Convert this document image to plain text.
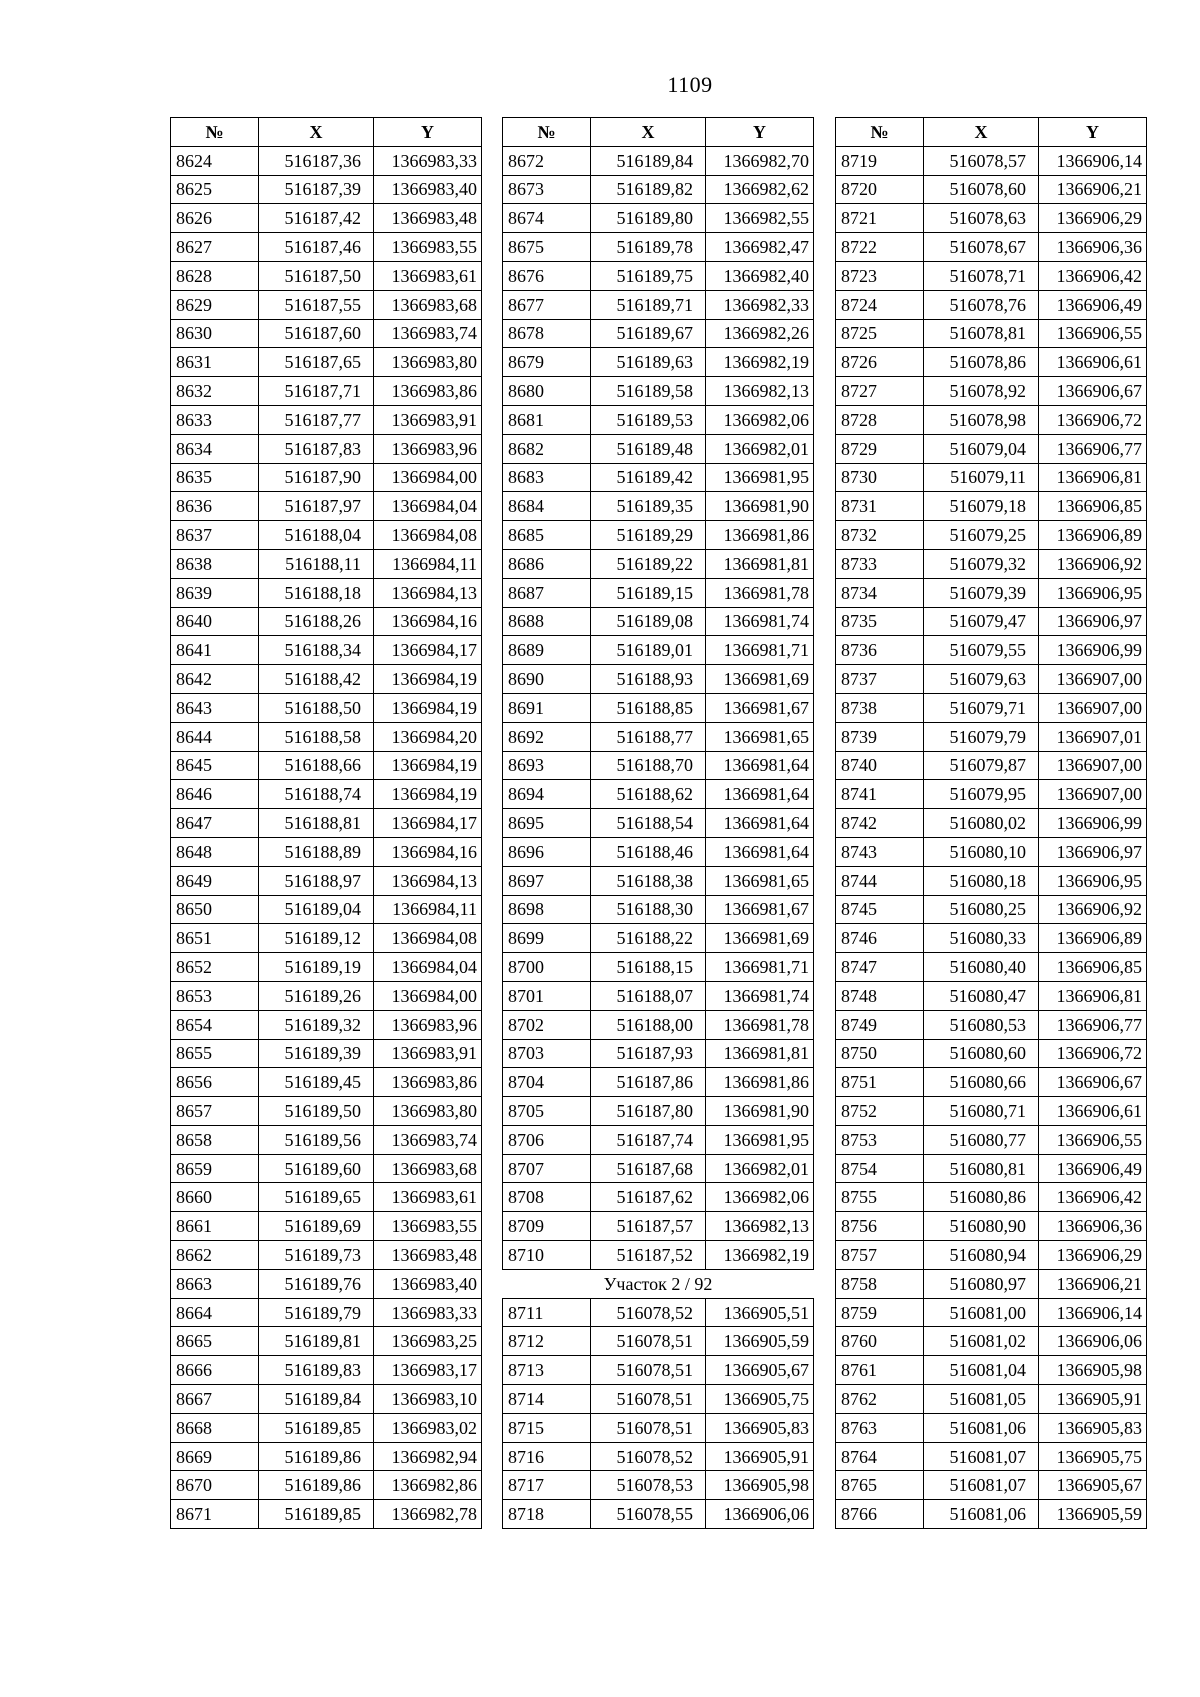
1109
№	X	Y
8624	516187,36	1366983,33
8625	516187,39	1366983,40
8626	516187,42	1366983,48
8627	516187,46	1366983,55
8628	516187,50	1366983,61
8629	516187,55	1366983,68
8630	516187,60	1366983,74
8631	516187,65	1366983,80
8632	516187,71	1366983,86
8633	516187,77	1366983,91
8634	516187,83	1366983,96
8635	516187,90	1366984,00
8636	516187,97	1366984,04
8637	516188,04	1366984,08
8638	516188,11	1366984,11
8639	516188,18	1366984,13
8640	516188,26	1366984,16
8641	516188,34	1366984,17
8642	516188,42	1366984,19
8643	516188,50	1366984,19
8644	516188,58	1366984,20
8645	516188,66	1366984,19
8646	516188,74	1366984,19
8647	516188,81	1366984,17
8648	516188,89	1366984,16
8649	516188,97	1366984,13
8650	516189,04	1366984,11
8651	516189,12	1366984,08
8652	516189,19	1366984,04
8653	516189,26	1366984,00
8654	516189,32	1366983,96
8655	516189,39	1366983,91
8656	516189,45	1366983,86
8657	516189,50	1366983,80
8658	516189,56	1366983,74
8659	516189,60	1366983,68
8660	516189,65	1366983,61
8661	516189,69	1366983,55
8662	516189,73	1366983,48
8663	516189,76	1366983,40
8664	516189,79	1366983,33
8665	516189,81	1366983,25
8666	516189,83	1366983,17
8667	516189,84	1366983,10
8668	516189,85	1366983,02
8669	516189,86	1366982,94
8670	516189,86	1366982,86
8671	516189,85	1366982,78
№	X	Y
8672	516189,84	1366982,70
8673	516189,82	1366982,62
8674	516189,80	1366982,55
8675	516189,78	1366982,47
8676	516189,75	1366982,40
8677	516189,71	1366982,33
8678	516189,67	1366982,26
8679	516189,63	1366982,19
8680	516189,58	1366982,13
8681	516189,53	1366982,06
8682	516189,48	1366982,01
8683	516189,42	1366981,95
8684	516189,35	1366981,90
8685	516189,29	1366981,86
8686	516189,22	1366981,81
8687	516189,15	1366981,78
8688	516189,08	1366981,74
8689	516189,01	1366981,71
8690	516188,93	1366981,69
8691	516188,85	1366981,67
8692	516188,77	1366981,65
8693	516188,70	1366981,64
8694	516188,62	1366981,64
8695	516188,54	1366981,64
8696	516188,46	1366981,64
8697	516188,38	1366981,65
8698	516188,30	1366981,67
8699	516188,22	1366981,69
8700	516188,15	1366981,71
8701	516188,07	1366981,74
8702	516188,00	1366981,78
8703	516187,93	1366981,81
8704	516187,86	1366981,86
8705	516187,80	1366981,90
8706	516187,74	1366981,95
8707	516187,68	1366982,01
8708	516187,62	1366982,06
8709	516187,57	1366982,13
8710	516187,52	1366982,19
Участок 2 / 92		
8711	516078,52	1366905,51
8712	516078,51	1366905,59
8713	516078,51	1366905,67
8714	516078,51	1366905,75
8715	516078,51	1366905,83
8716	516078,52	1366905,91
8717	516078,53	1366905,98
8718	516078,55	1366906,06
№	X	Y
8719	516078,57	1366906,14
8720	516078,60	1366906,21
8721	516078,63	1366906,29
8722	516078,67	1366906,36
8723	516078,71	1366906,42
8724	516078,76	1366906,49
8725	516078,81	1366906,55
8726	516078,86	1366906,61
8727	516078,92	1366906,67
8728	516078,98	1366906,72
8729	516079,04	1366906,77
8730	516079,11	1366906,81
8731	516079,18	1366906,85
8732	516079,25	1366906,89
8733	516079,32	1366906,92
8734	516079,39	1366906,95
8735	516079,47	1366906,97
8736	516079,55	1366906,99
8737	516079,63	1366907,00
8738	516079,71	1366907,00
8739	516079,79	1366907,01
8740	516079,87	1366907,00
8741	516079,95	1366907,00
8742	516080,02	1366906,99
8743	516080,10	1366906,97
8744	516080,18	1366906,95
8745	516080,25	1366906,92
8746	516080,33	1366906,89
8747	516080,40	1366906,85
8748	516080,47	1366906,81
8749	516080,53	1366906,77
8750	516080,60	1366906,72
8751	516080,66	1366906,67
8752	516080,71	1366906,61
8753	516080,77	1366906,55
8754	516080,81	1366906,49
8755	516080,86	1366906,42
8756	516080,90	1366906,36
8757	516080,94	1366906,29
8758	516080,97	1366906,21
8759	516081,00	1366906,14
8760	516081,02	1366906,06
8761	516081,04	1366905,98
8762	516081,05	1366905,91
8763	516081,06	1366905,83
8764	516081,07	1366905,75
8765	516081,07	1366905,67
8766	516081,06	1366905,59
